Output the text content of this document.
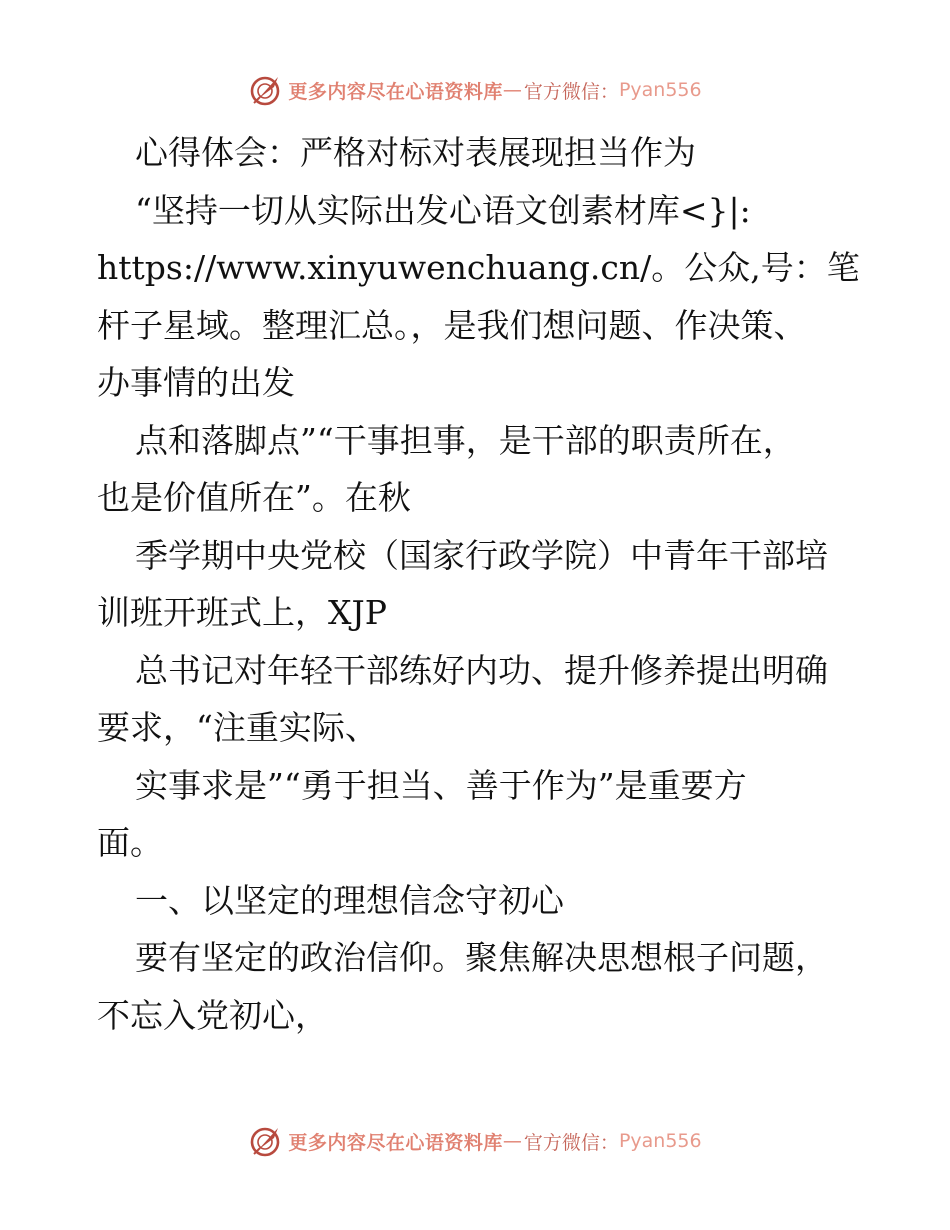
更多内容尽在心语资料库 — 官方微信： Pyan556
心得体会：严格对标对表展现担当作为
“坚持一切从实际出发心语文创素材库<}|:
https://www.xinyuwenchuang.cn/。公众,号：笔
杆子星域。整理汇总。，是我们想问题、作决策、
办事情的出发
点和落脚点”“干事担事，是干部的职责所在，
也是价值所在”。在秋
季学期中央党校（国家行政学院）中青年干部培
训班开班式上，XJP
总书记对年轻干部练好内功、提升修养提出明确
要求，“注重实际、
实事求是”“勇于担当、善于作为”是重要方
面。
一、以坚定的理想信念守初心
要有坚定的政治信仰。聚焦解决思想根子问题，
不忘入党初心，
更多内容尽在心语资料库 — 官方微信： Pyan556
